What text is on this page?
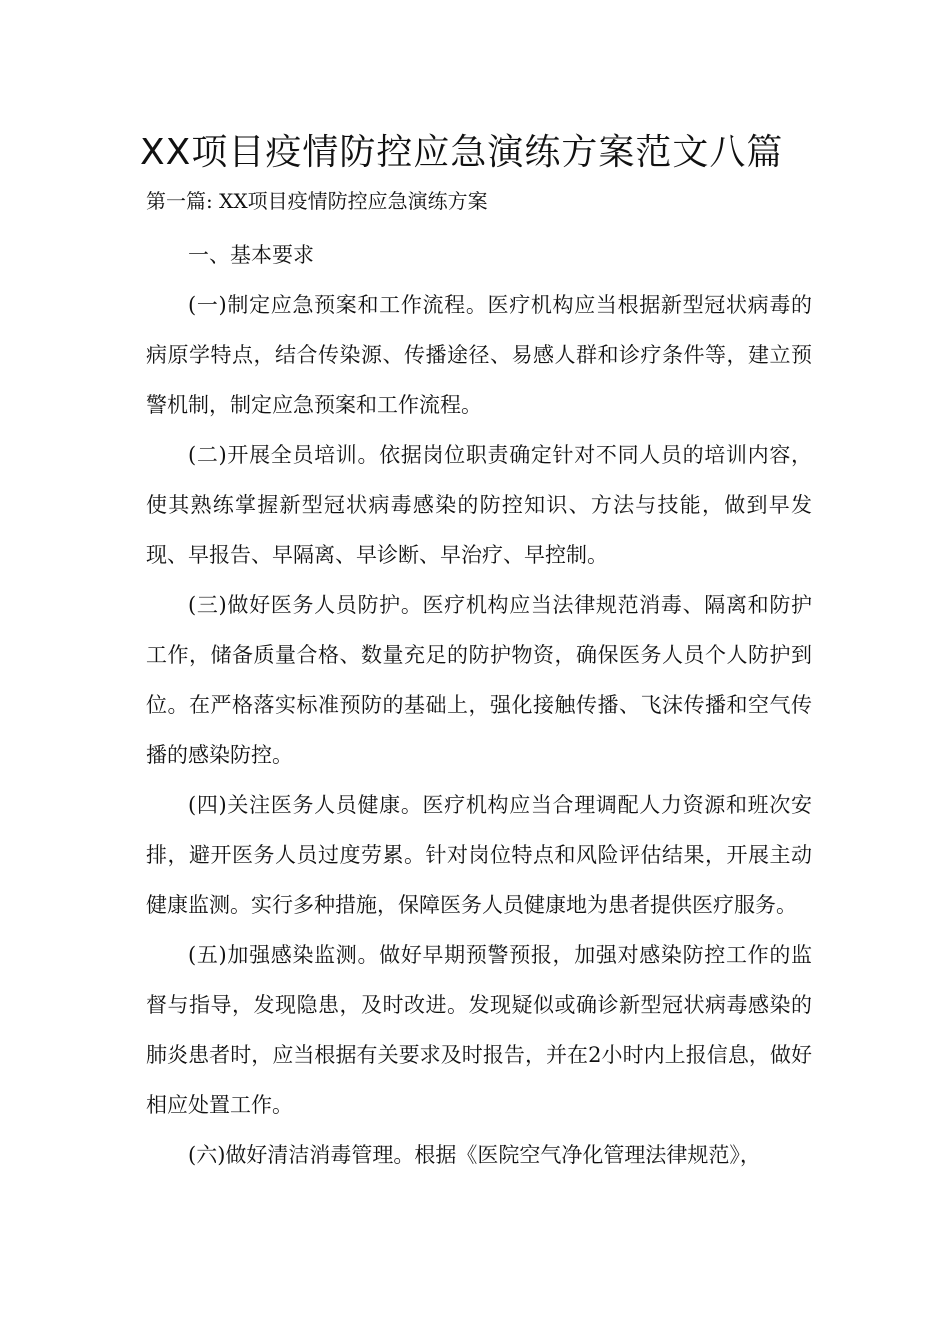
XX项目疫情防控应急演练方案范文八篇

第一篇: XX项目疫情防控应急演练方案

一、基本要求

(一)制定应急预案和工作流程。医疗机构应当根据新型冠状病毒的病原学特点，结合传染源、传播途径、易感人群和诊疗条件等，建立预警机制，制定应急预案和工作流程。

(二)开展全员培训。依据岗位职责确定针对不同人员的培训内容，使其熟练掌握新型冠状病毒感染的防控知识、方法与技能，做到早发现、早报告、早隔离、早诊断、早治疗、早控制。

(三)做好医务人员防护。医疗机构应当法律规范消毒、隔离和防护工作，储备质量合格、数量充足的防护物资，确保医务人员个人防护到位。在严格落实标准预防的基础上，强化接触传播、飞沫传播和空气传播的感染防控。

(四)关注医务人员健康。医疗机构应当合理调配人力资源和班次安排，避开医务人员过度劳累。针对岗位特点和风险评估结果，开展主动健康监测。实行多种措施，保障医务人员健康地为患者提供医疗服务。

(五)加强感染监测。做好早期预警预报，加强对感染防控工作的监督与指导，发现隐患，及时改进。发现疑似或确诊新型冠状病毒感染的肺炎患者时，应当根据有关要求及时报告，并在2小时内上报信息，做好相应处置工作。

(六)做好清洁消毒管理。根据《医院空气净化管理法律规范》，
